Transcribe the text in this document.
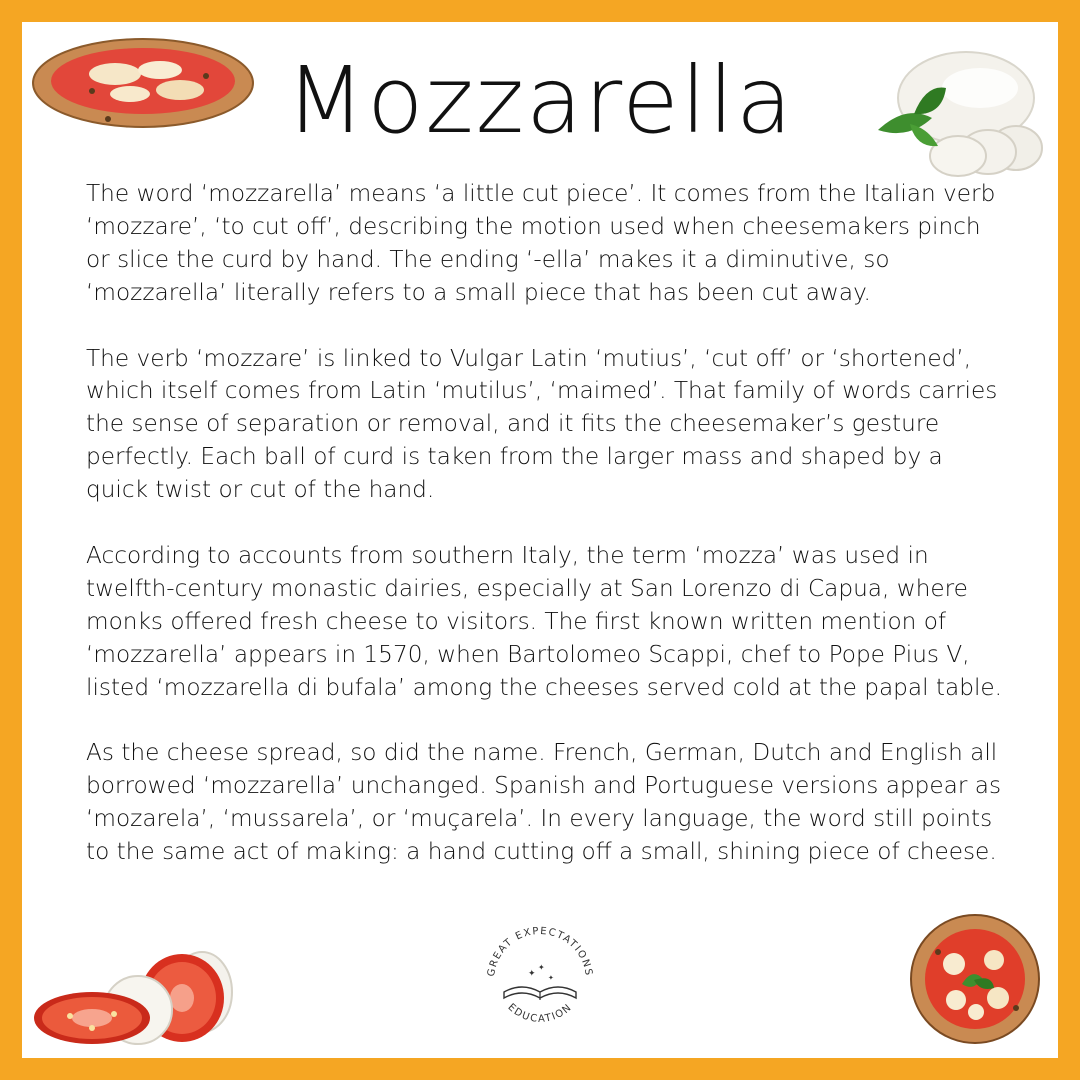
Mozzarella

The word ‘mozzarella’ means ‘a little cut piece’. It comes from the Italian verb ‘mozzare’, ‘to cut off’, describing the motion used when cheesemakers pinch or slice the curd by hand. The ending ‘-ella’ makes it a diminutive, so ‘mozzarella’ literally refers to a small piece that has been cut away.

The verb ‘mozzare’ is linked to Vulgar Latin ‘mutius’, ‘cut off’ or ‘shortened’, which itself comes from Latin ‘mutilus’, ‘maimed’. That family of words carries the sense of separation or removal, and it fits the cheesemaker’s gesture perfectly. Each ball of curd is taken from the larger mass and shaped by a quick twist or cut of the hand.

According to accounts from southern Italy, the term ‘mozza’ was used in twelfth-century monastic dairies, especially at San Lorenzo di Capua, where monks offered fresh cheese to visitors. The first known written mention of ‘mozzarella’ appears in 1570, when Bartolomeo Scappi, chef to Pope Pius V, listed ‘mozzarella di bufala’ among the cheeses served cold at the papal table.

As the cheese spread, so did the name. French, German, Dutch and English all borrowed ‘mozzarella’ unchanged. Spanish and Portuguese versions appear as ‘mozarela’, ‘mussarela’, or ‘muçarela’. In every language, the word still points to the same act of making: a hand cutting off a small, shining piece of cheese.

GREAT EXPECTATIONS
EDUCATION
✦
✦
✦
